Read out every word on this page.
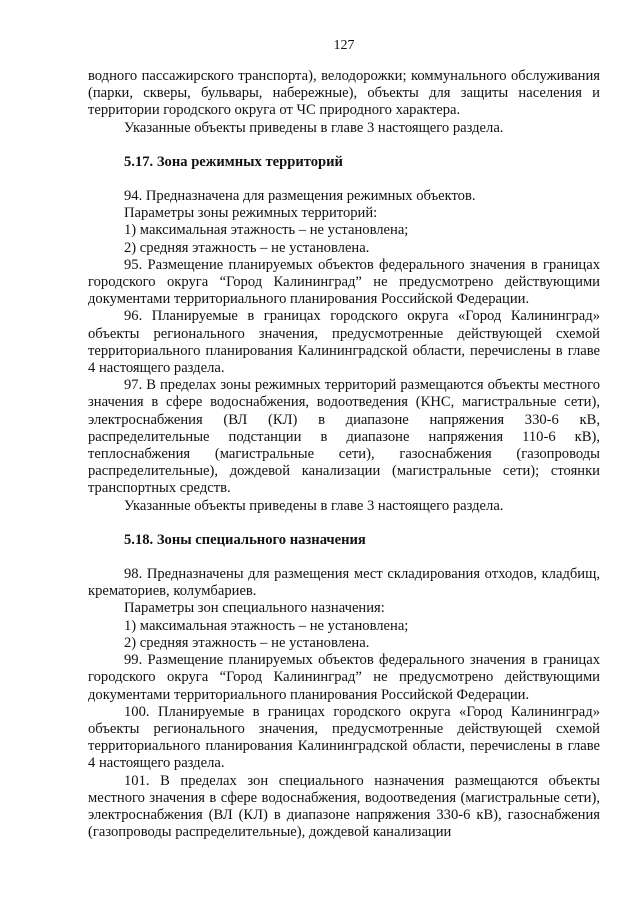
127

водного пассажирского транспорта), велодорожки; коммунального обслуживания (парки, скверы, бульвары, набережные), объекты для защиты населения и территории городского округа от ЧС природного характера.

Указанные объекты приведены в главе 3 настоящего раздела.

5.17. Зона режимных территорий

94. Предназначена для размещения режимных объектов.

Параметры зоны режимных территорий:

1) максимальная этажность – не установлена;

2) средняя этажность – не установлена.

95. Размещение планируемых объектов федерального значения в границах городского округа “Город Калининград” не предусмотрено действующими документами территориального планирования Российской Федерации.

96. Планируемые в границах городского округа «Город Калининград» объекты регионального значения, предусмотренные действующей схемой территориального планирования Калининградской области, перечислены в главе 4 настоящего раздела.

97. В пределах зоны режимных территорий размещаются объекты местного значения в сфере водоснабжения, водоотведения (КНС, магистральные сети), электроснабжения (ВЛ (КЛ) в диапазоне напряжения 330-6 кВ, распределительные подстанции в диапазоне напряжения 110-6 кВ), теплоснабжения (магистральные сети), газоснабжения (газопроводы распределительные), дождевой канализации (магистральные сети); стоянки транспортных средств.

Указанные объекты приведены в главе 3 настоящего раздела.

5.18. Зоны специального назначения

98. Предназначены для размещения мест складирования отходов, кладбищ, крематориев, колумбариев.

Параметры зон специального назначения:

1) максимальная этажность – не установлена;

2) средняя этажность – не установлена.

99. Размещение планируемых объектов федерального значения в границах городского округа “Город Калининград” не предусмотрено действующими документами территориального планирования Российской Федерации.

100. Планируемые в границах городского округа «Город Калининград» объекты регионального значения, предусмотренные действующей схемой территориального планирования Калининградской области, перечислены в главе 4 настоящего раздела.

101. В пределах зон специального назначения размещаются объекты местного значения в сфере водоснабжения, водоотведения (магистральные сети), электроснабжения (ВЛ (КЛ) в диапазоне напряжения 330-6 кВ), газоснабжения (газопроводы распределительные), дождевой канализации
